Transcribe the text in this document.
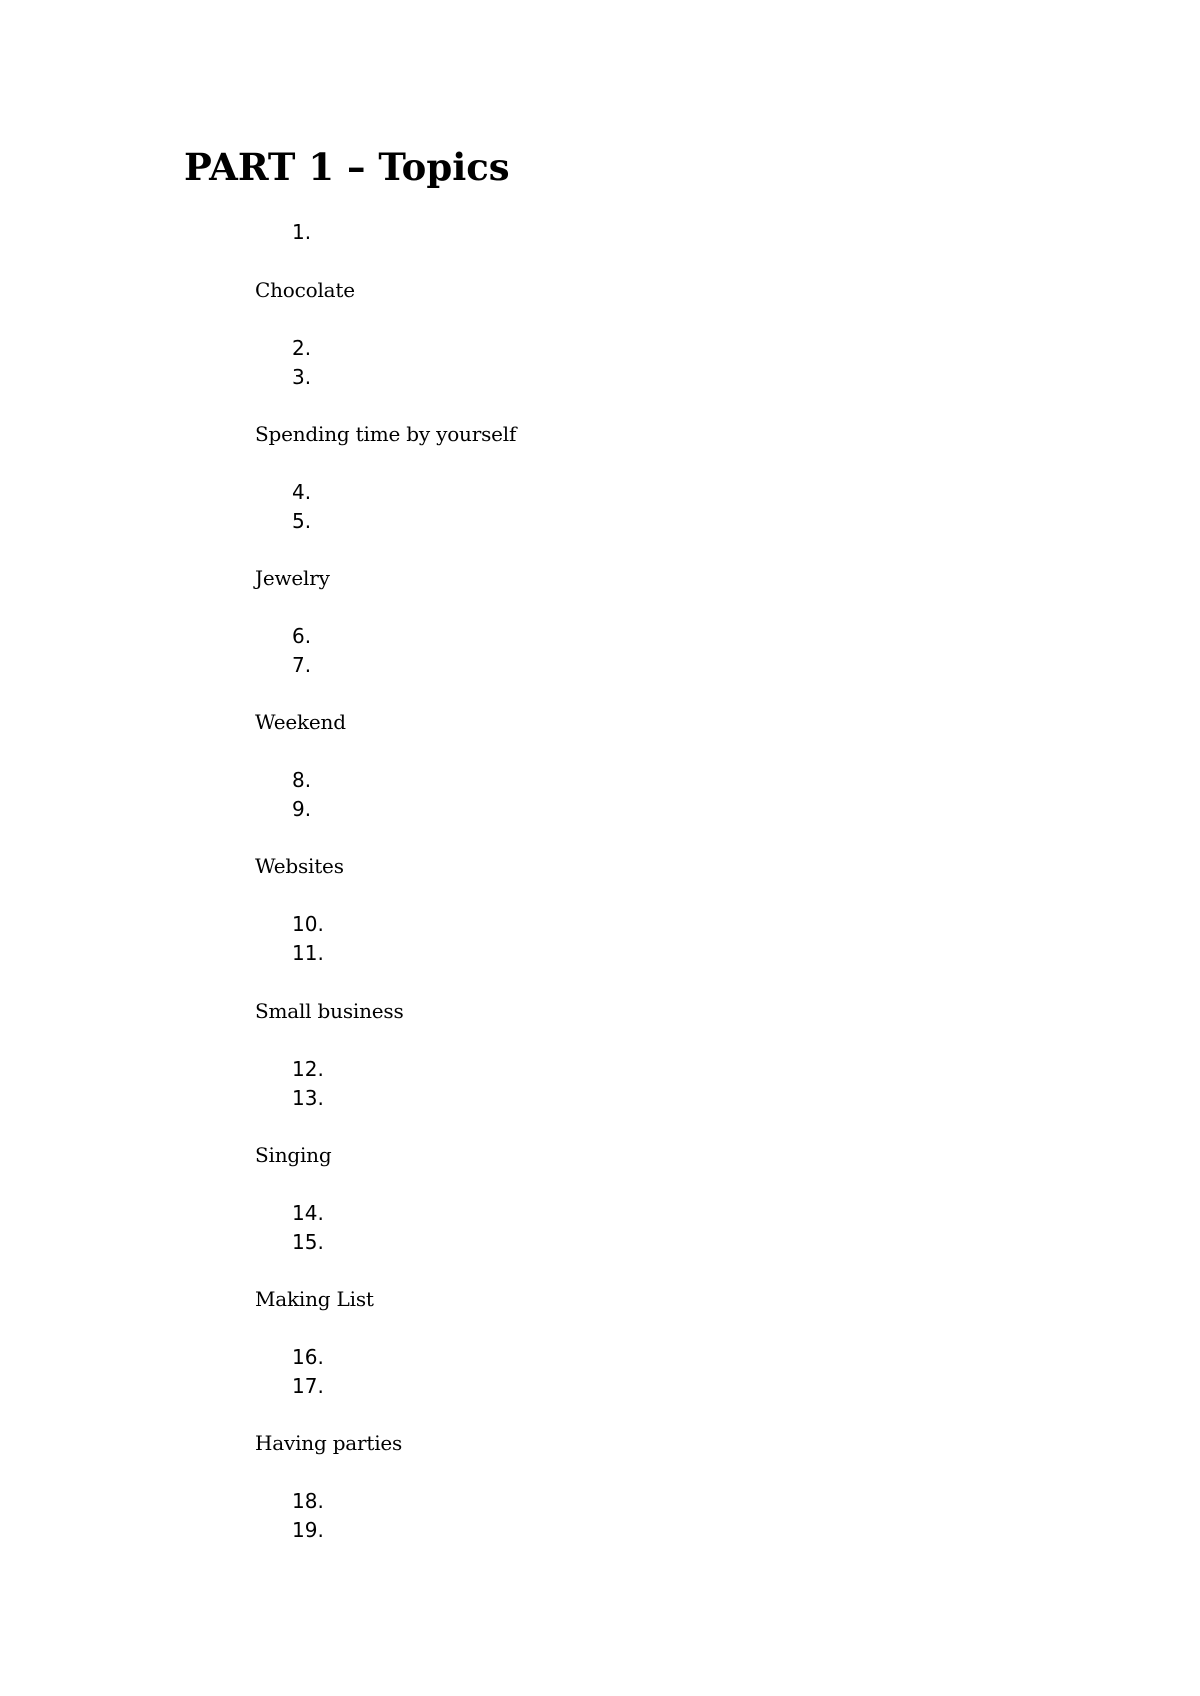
PART 1 – Topics
1.
Chocolate
2.
3.
Spending time by yourself
4.
5.
Jewelry
6.
7.
Weekend
8.
9.
Websites
10.
11.
Small business
12.
13.
Singing
14.
15.
Making List
16.
17.
Having parties
18.
19.
